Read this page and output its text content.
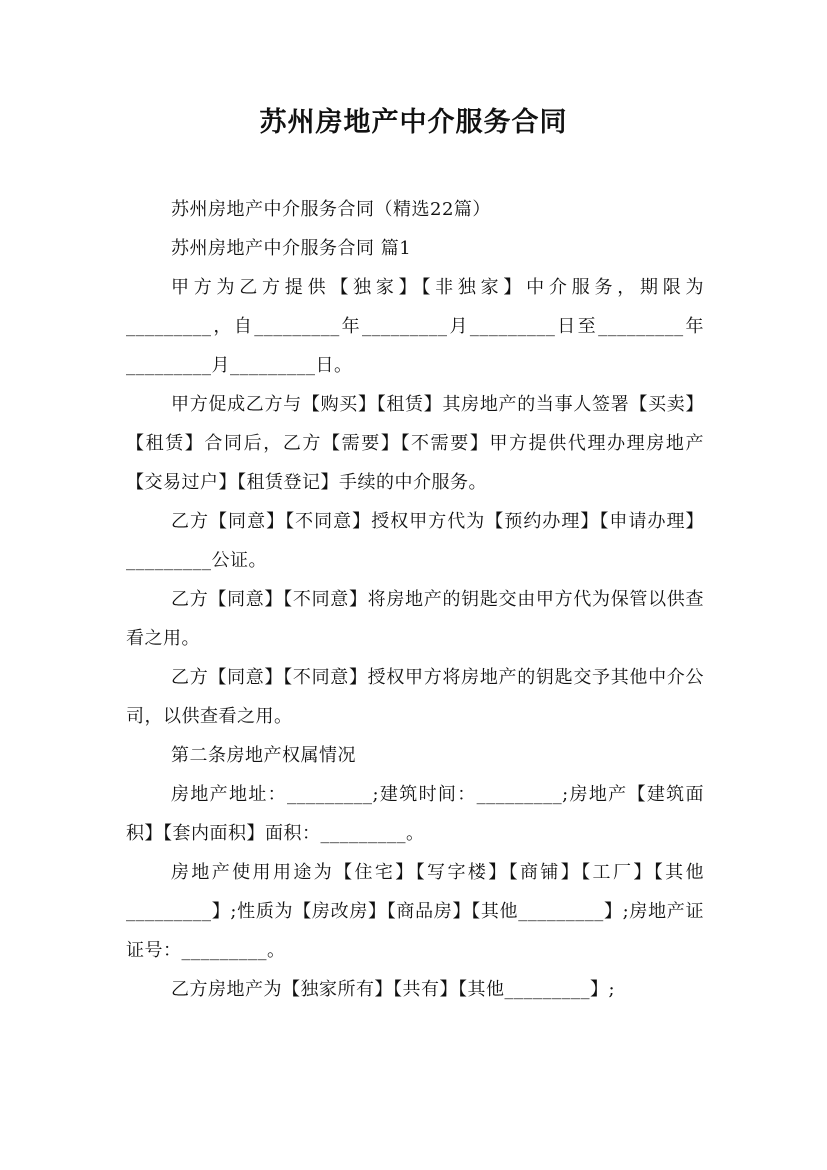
苏州房地产中介服务合同

苏州房地产中介服务合同（精选22篇）

苏州房地产中介服务合同 篇1

甲方为乙方提供【独家】【非独家】中介服务，期限为_________，自_________年_________月_________日至_________年_________月_________日。

甲方促成乙方与【购买】【租赁】其房地产的当事人签署【买卖】【租赁】合同后，乙方【需要】【不需要】甲方提供代理办理房地产【交易过户】【租赁登记】手续的中介服务。

乙方【同意】【不同意】授权甲方代为【预约办理】【申请办理】_________公证。

乙方【同意】【不同意】将房地产的钥匙交由甲方代为保管以供查看之用。

乙方【同意】【不同意】授权甲方将房地产的钥匙交予其他中介公司，以供查看之用。

第二条房地产权属情况

房地产地址：_________;建筑时间：_________;房地产【建筑面积】【套内面积】面积：_________。

房地产使用用途为【住宅】【写字楼】【商铺】【工厂】【其他_________】;性质为【房改房】【商品房】【其他_________】;房地产证证号：_________。

乙方房地产为【独家所有】【共有】【其他_________】;
